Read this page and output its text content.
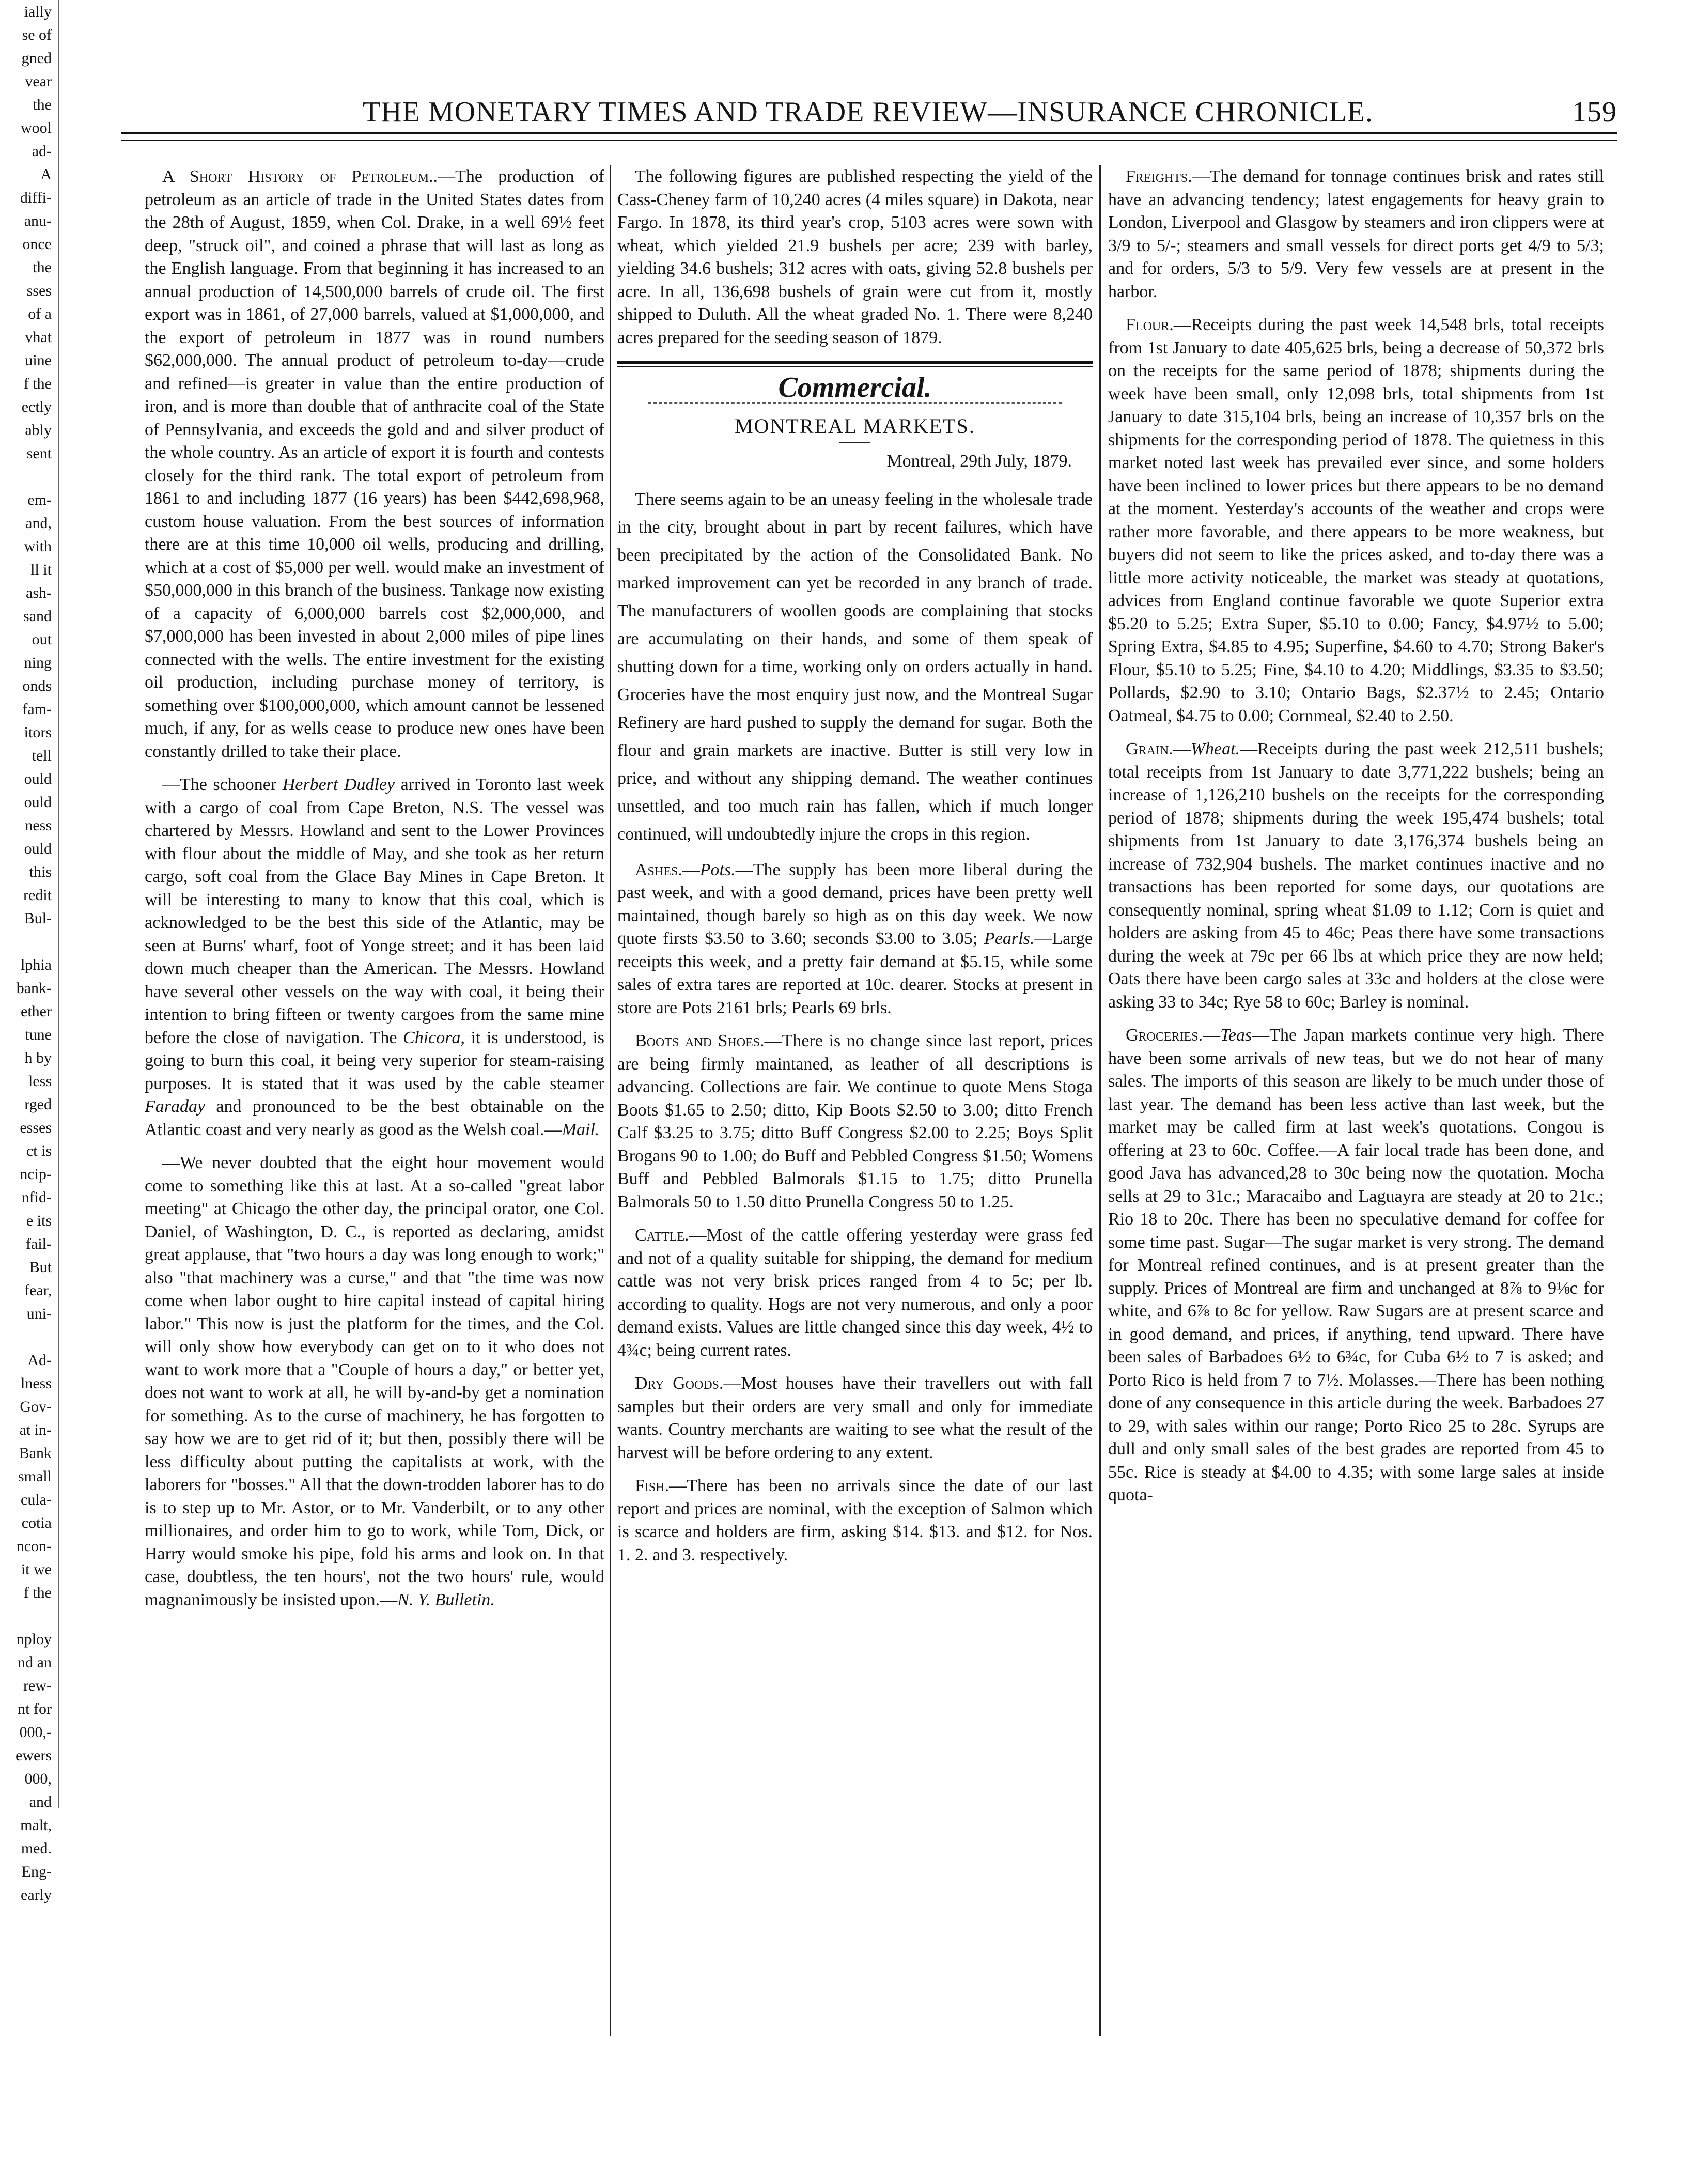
ially
se of
gned
vear
the
wool
ad-
A
diffi-
anu-
once
the
sses
of a
vhat
uine
f the
ectly
ably
sent
em-
and,
with
ll it
ash-
sand
out
ning
onds
fam-
itors
tell
ould
ould
ness
ould
this
redit
Bul-
lphia
bank-
ether
tune
h by
less
rged
esses
ct is
ncip-
nfid-
e its
fail-
But
fear,
uni-
Ad-
lness
Gov-
at in-
Bank
small
cula-
cotia
ncon-
it we
f the
nploy
nd an
rew-
nt for
000,-
ewers
000,
and
malt,
med.
Eng-
early
THE MONETARY TIMES AND TRADE REVIEW—INSURANCE CHRONICLE.	159

A Short History of Petroleum..—The production of petroleum as an article of trade in the United States dates from the 28th of August, 1859, when Col. Drake, in a well 69½ feet deep, "struck oil", and coined a phrase that will last as long as the English language. From that beginning it has increased to an annual production of 14,500,000 barrels of crude oil. The first export was in 1861, of 27,000 barrels, valued at $1,000,000, and the export of petroleum in 1877 was in round numbers $62,000,000. The annual product of petroleum to-day—crude and refined—is greater in value than the entire production of iron, and is more than double that of anthracite coal of the State of Pennsylvania, and exceeds the gold and and silver product of the whole country. As an article of export it is fourth and contests closely for the third rank. The total export of petroleum from 1861 to and including 1877 (16 years) has been $442,698,968, custom house valuation. From the best sources of information there are at this time 10,000 oil wells, producing and drilling, which at a cost of $5,000 per well. would make an investment of $50,000,000 in this branch of the business. Tankage now existing of a capacity of 6,000,000 barrels cost $2,000,000, and $7,000,000 has been invested in about 2,000 miles of pipe lines connected with the wells. The entire investment for the existing oil production, including purchase money of territory, is something over $100,000,000, which amount cannot be lessened much, if any, for as wells cease to produce new ones have been constantly drilled to take their place.

—The schooner Herbert Dudley arrived in Toronto last week with a cargo of coal from Cape Breton, N.S. The vessel was chartered by Messrs. Howland and sent to the Lower Provinces with flour about the middle of May, and she took as her return cargo, soft coal from the Glace Bay Mines in Cape Breton. It will be interesting to many to know that this coal, which is acknowledged to be the best this side of the Atlantic, may be seen at Burns' wharf, foot of Yonge street; and it has been laid down much cheaper than the American. The Messrs. Howland have several other vessels on the way with coal, it being their intention to bring fifteen or twenty cargoes from the same mine before the close of navigation. The Chicora, it is understood, is going to burn this coal, it being very superior for steam-raising purposes. It is stated that it was used by the cable steamer Faraday and pronounced to be the best obtainable on the Atlantic coast and very nearly as good as the Welsh coal.—Mail.

—We never doubted that the eight hour movement would come to something like this at last. At a so-called "great labor meeting" at Chicago the other day, the principal orator, one Col. Daniel, of Washington, D. C., is reported as declaring, amidst great applause, that "two hours a day was long enough to work;" also "that machinery was a curse," and that "the time was now come when labor ought to hire capital instead of capital hiring labor." This now is just the platform for the times, and the Col. will only show how everybody can get on to it who does not want to work more that a "Couple of hours a day," or better yet, does not want to work at all, he will by-and-by get a nomination for something. As to the curse of machinery, he has forgotten to say how we are to get rid of it; but then, possibly there will be less difficulty about putting the capitalists at work, with the laborers for "bosses." All that the down-trodden laborer has to do is to step up to Mr. Astor, or to Mr. Vanderbilt, or to any other millionaires, and order him to go to work, while Tom, Dick, or Harry would smoke his pipe, fold his arms and look on. In that case, doubtless, the ten hours', not the two hours' rule, would magnanimously be insisted upon.—N. Y. Bulletin.

The following figures are published respecting the yield of the Cass-Cheney farm of 10,240 acres (4 miles square) in Dakota, near Fargo. In 1878, its third year's crop, 5103 acres were sown with wheat, which yielded 21.9 bushels per acre; 239 with barley, yielding 34.6 bushels; 312 acres with oats, giving 52.8 bushels per acre. In all, 136,698 bushels of grain were cut from it, mostly shipped to Duluth. All the wheat graded No. 1. There were 8,240 acres prepared for the seeding season of 1879.

Commercial.
MONTREAL MARKETS.
Montreal, 29th July, 1879.

There seems again to be an uneasy feeling in the wholesale trade in the city, brought about in part by recent failures, which have been precipitated by the action of the Consolidated Bank. No marked improvement can yet be recorded in any branch of trade. The manufacturers of woollen goods are complaining that stocks are accumulating on their hands, and some of them speak of shutting down for a time, working only on orders actually in hand. Groceries have the most enquiry just now, and the Montreal Sugar Refinery are hard pushed to supply the demand for sugar. Both the flour and grain markets are inactive. Butter is still very low in price, and without any shipping demand. The weather continues unsettled, and too much rain has fallen, which if much longer continued, will undoubtedly injure the crops in this region.

Ashes.—Pots.—The supply has been more liberal during the past week, and with a good demand, prices have been pretty well maintained, though barely so high as on this day week. We now quote firsts $3.50 to 3.60; seconds $3.00 to 3.05; Pearls.—Large receipts this week, and a pretty fair demand at $5.15, while some sales of extra tares are reported at 10c. dearer. Stocks at present in store are Pots 2161 brls; Pearls 69 brls.

Boots and Shoes.—There is no change since last report, prices are being firmly maintaned, as leather of all descriptions is advancing. Collections are fair. We continue to quote Mens Stoga Boots $1.65 to 2.50; ditto, Kip Boots $2.50 to 3.00; ditto French Calf $3.25 to 3.75; ditto Buff Congress $2.00 to 2.25; Boys Split Brogans 90 to 1.00; do Buff and Pebbled Congress $1.50; Womens Buff and Pebbled Balmorals $1.15 to 1.75; ditto Prunella Balmorals 50 to 1.50 ditto Prunella Congress 50 to 1.25.

Cattle.—Most of the cattle offering yesterday were grass fed and not of a quality suitable for shipping, the demand for medium cattle was not very brisk prices ranged from 4 to 5c; per lb. according to quality. Hogs are not very numerous, and only a poor demand exists. Values are little changed since this day week, 4½ to 4¾c; being current rates.

Dry Goods.—Most houses have their travellers out with fall samples but their orders are very small and only for immediate wants. Country merchants are waiting to see what the result of the harvest will be before ordering to any extent.

Fish.—There has been no arrivals since the date of our last report and prices are nominal, with the exception of Salmon which is scarce and holders are firm, asking $14. $13. and $12. for Nos. 1. 2. and 3. respectively.

Freights.—The demand for tonnage continues brisk and rates still have an advancing tendency; latest engagements for heavy grain to London, Liverpool and Glasgow by steamers and iron clippers were at 3/9 to 5/-; steamers and small vessels for direct ports get 4/9 to 5/3; and for orders, 5/3 to 5/9. Very few vessels are at present in the harbor.

Flour.—Receipts during the past week 14,548 brls, total receipts from 1st January to date 405,625 brls, being a decrease of 50,372 brls on the receipts for the same period of 1878; shipments during the week have been small, only 12,098 brls, total shipments from 1st January to date 315,104 brls, being an increase of 10,357 brls on the shipments for the corresponding period of 1878. The quietness in this market noted last week has prevailed ever since, and some holders have been inclined to lower prices but there appears to be no demand at the moment. Yesterday's accounts of the weather and crops were rather more favorable, and there appears to be more weakness, but buyers did not seem to like the prices asked, and to-day there was a little more activity noticeable, the market was steady at quotations, advices from England continue favorable we quote Superior extra $5.20 to 5.25; Extra Super, $5.10 to 0.00; Fancy, $4.97½ to 5.00; Spring Extra, $4.85 to 4.95; Superfine, $4.60 to 4.70; Strong Baker's Flour, $5.10 to 5.25; Fine, $4.10 to 4.20; Middlings, $3.35 to $3.50; Pollards, $2.90 to 3.10; Ontario Bags, $2.37½ to 2.45; Ontario Oatmeal, $4.75 to 0.00; Cornmeal, $2.40 to 2.50.

Grain.—Wheat.—Receipts during the past week 212,511 bushels; total receipts from 1st January to date 3,771,222 bushels; being an increase of 1,126,210 bushels on the receipts for the corresponding period of 1878; shipments during the week 195,474 bushels; total shipments from 1st January to date 3,176,374 bushels being an increase of 732,904 bushels. The market continues inactive and no transactions has been reported for some days, our quotations are consequently nominal, spring wheat $1.09 to 1.12; Corn is quiet and holders are asking from 45 to 46c; Peas there have some transactions during the week at 79c per 66 lbs at which price they are now held; Oats there have been cargo sales at 33c and holders at the close were asking 33 to 34c; Rye 58 to 60c; Barley is nominal.

Groceries.—Teas—The Japan markets continue very high. There have been some arrivals of new teas, but we do not hear of many sales. The imports of this season are likely to be much under those of last year. The demand has been less active than last week, but the market may be called firm at last week's quotations. Congou is offering at 23 to 60c. Coffee.—A fair local trade has been done, and good Java has advanced,28 to 30c being now the quotation. Mocha sells at 29 to 31c.; Maracaibo and Laguayra are steady at 20 to 21c.; Rio 18 to 20c. There has been no speculative demand for coffee for some time past. Sugar—The sugar market is very strong. The demand for Montreal refined continues, and is at present greater than the supply. Prices of Montreal are firm and unchanged at 8⅞ to 9⅛c for white, and 6⅞ to 8c for yellow. Raw Sugars are at present scarce and in good demand, and prices, if anything, tend upward. There have been sales of Barbadoes 6½ to 6¾c, for Cuba 6½ to 7 is asked; and Porto Rico is held from 7 to 7½. Molasses.—There has been nothing done of any consequence in this article during the week. Barbadoes 27 to 29, with sales within our range; Porto Rico 25 to 28c. Syrups are dull and only small sales of the best grades are reported from 45 to 55c. Rice is steady at $4.00 to 4.35; with some large sales at inside quota-
